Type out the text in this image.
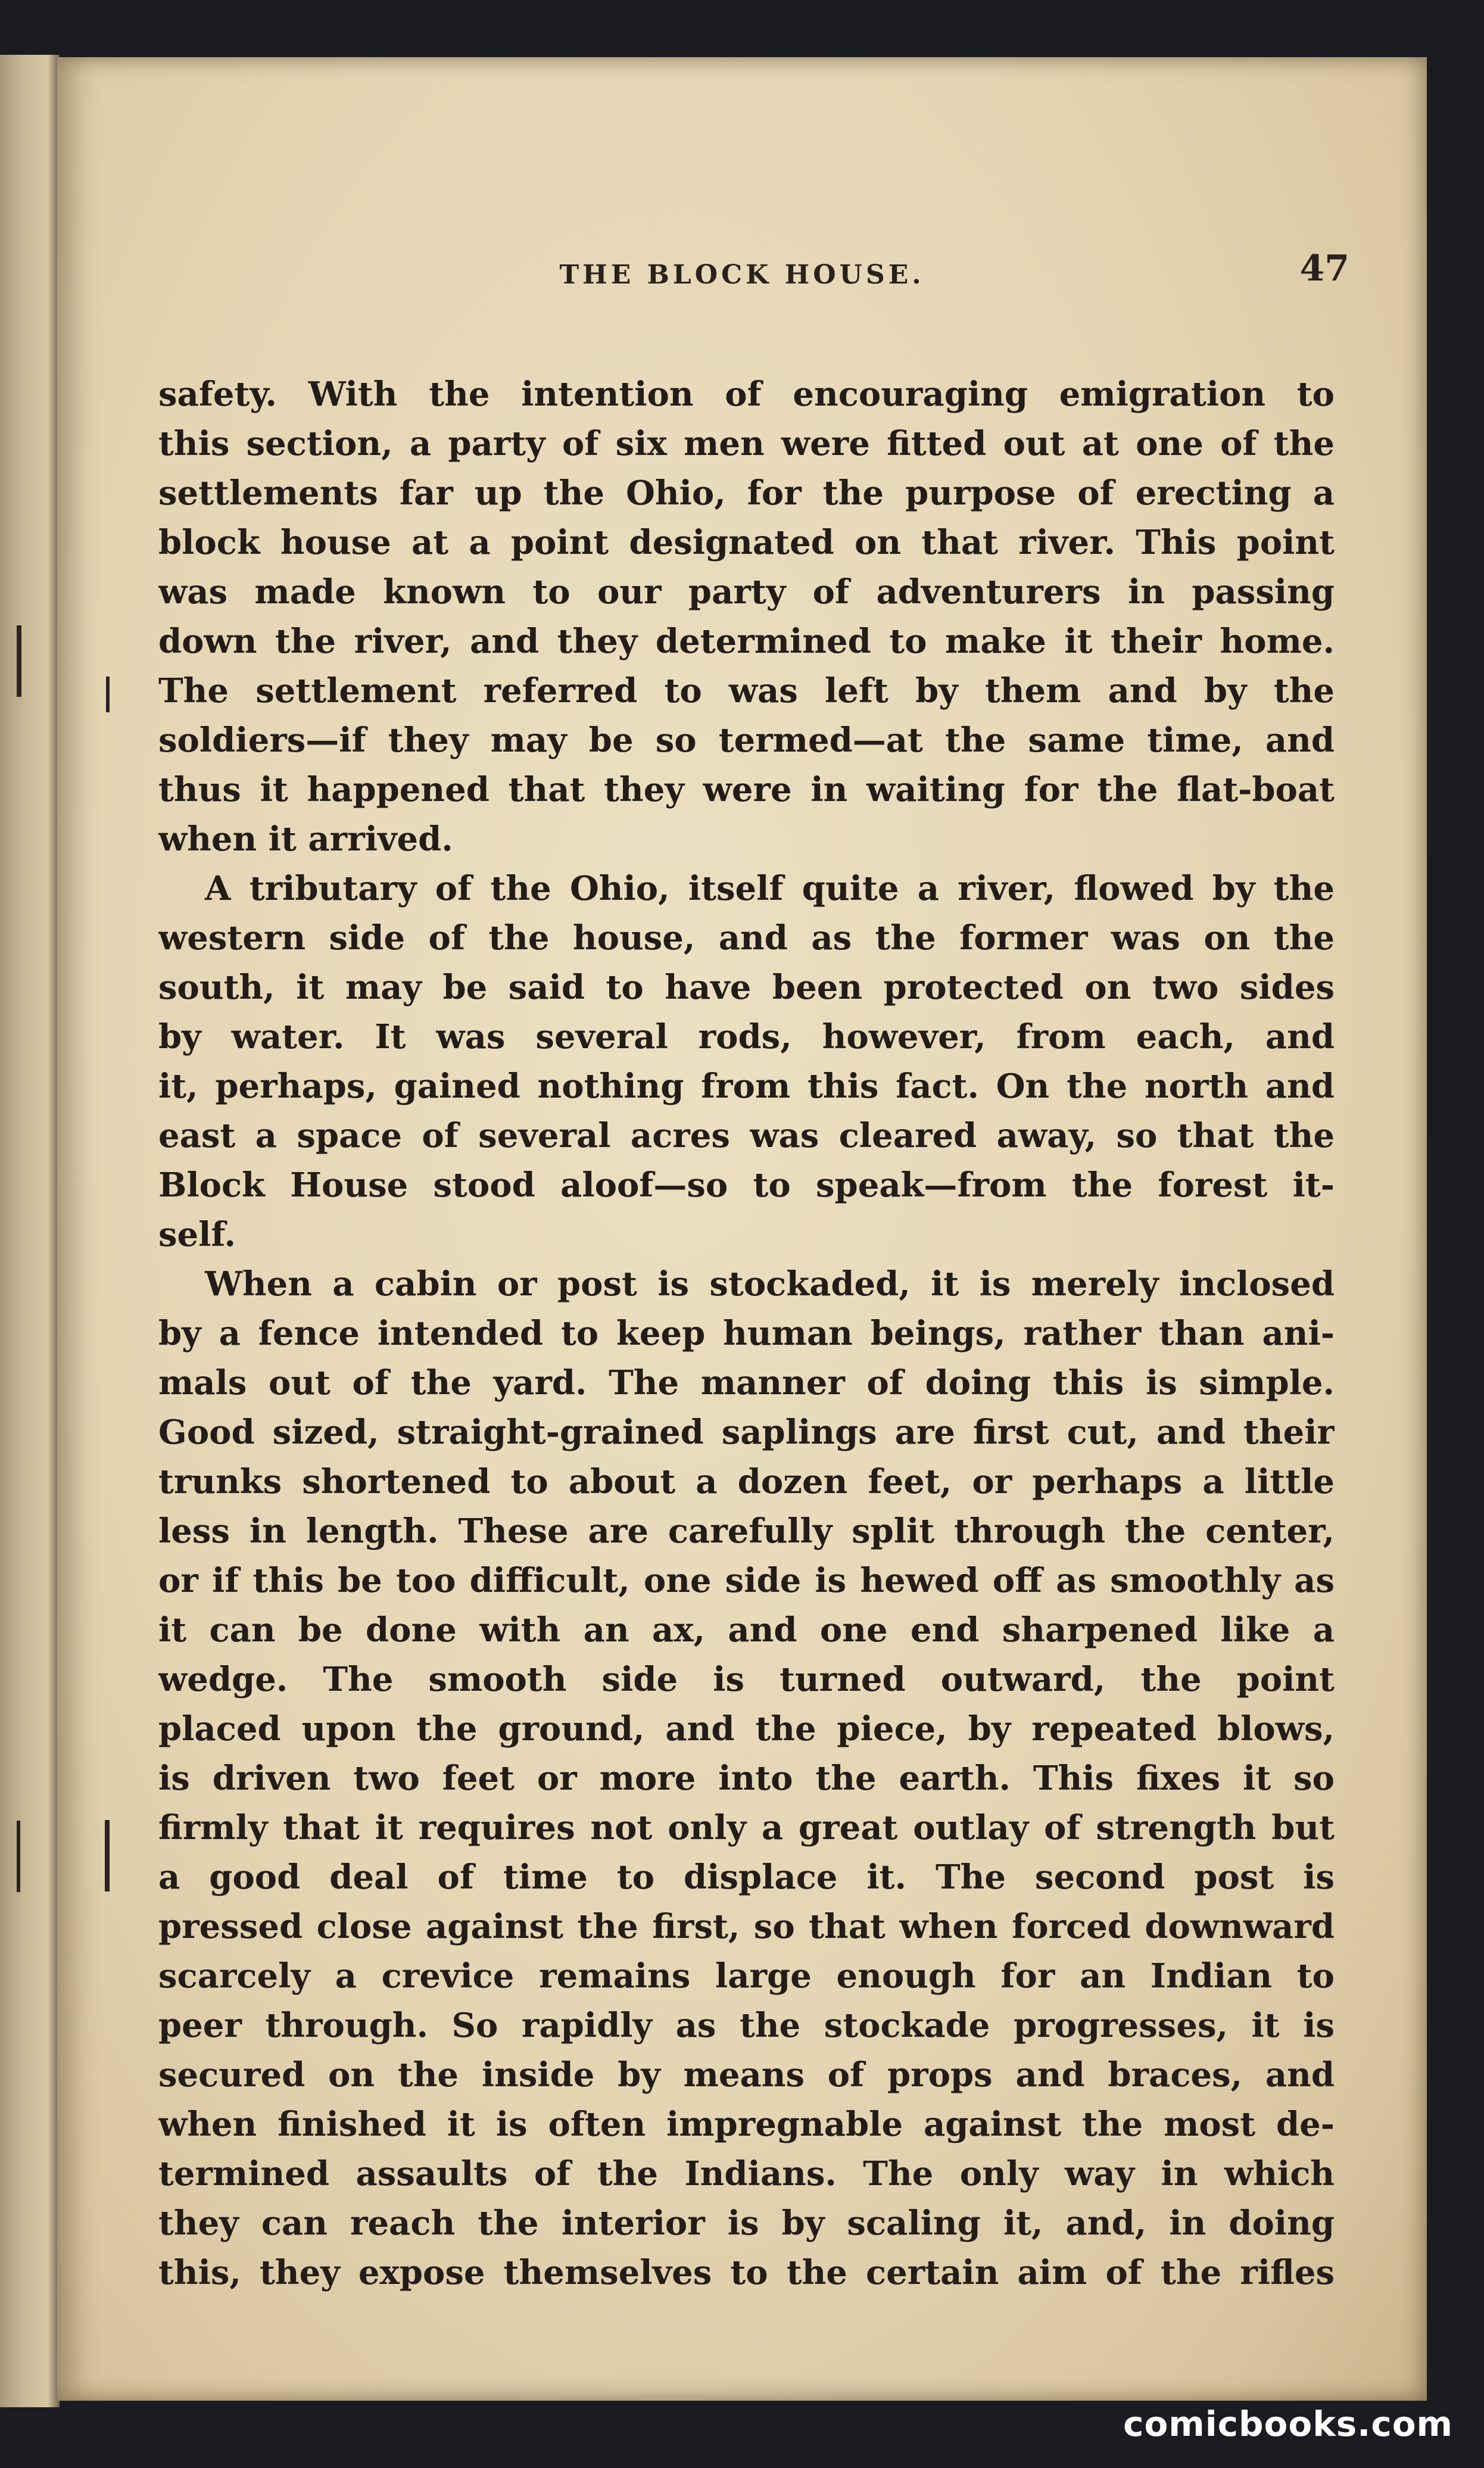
THE BLOCK HOUSE.	47
safety. With the intention of encouraging emigration to
this section, a party of six men were fitted out at one of the
settlements far up the Ohio, for the purpose of erecting a
block house at a point designated on that river. This point
was made known to our party of adventurers in passing
down the river, and they determined to make it their home.
The settlement referred to was left by them and by the
soldiers—if they may be so termed—at the same time, and
thus it happened that they were in waiting for the flat-boat
when it arrived.
A tributary of the Ohio, itself quite a river, flowed by the
western side of the house, and as the former was on the
south, it may be said to have been protected on two sides
by water. It was several rods, however, from each, and
it, perhaps, gained nothing from this fact. On the north and
east a space of several acres was cleared away, so that the
Block House stood aloof—so to speak—from the forest it-
self.
When a cabin or post is stockaded, it is merely inclosed
by a fence intended to keep human beings, rather than ani-
mals out of the yard. The manner of doing this is simple.
Good sized, straight-grained saplings are first cut, and their
trunks shortened to about a dozen feet, or perhaps a little
less in length. These are carefully split through the center,
or if this be too difficult, one side is hewed off as smoothly as
it can be done with an ax, and one end sharpened like a
wedge. The smooth side is turned outward, the point
placed upon the ground, and the piece, by repeated blows,
is driven two feet or more into the earth. This fixes it so
firmly that it requires not only a great outlay of strength but
a good deal of time to displace it. The second post is
pressed close against the first, so that when forced downward
scarcely a crevice remains large enough for an Indian to
peer through. So rapidly as the stockade progresses, it is
secured on the inside by means of props and braces, and
when finished it is often impregnable against the most de-
termined assaults of the Indians. The only way in which
they can reach the interior is by scaling it, and, in doing
this, they expose themselves to the certain aim of the rifles
comicbooks.com
